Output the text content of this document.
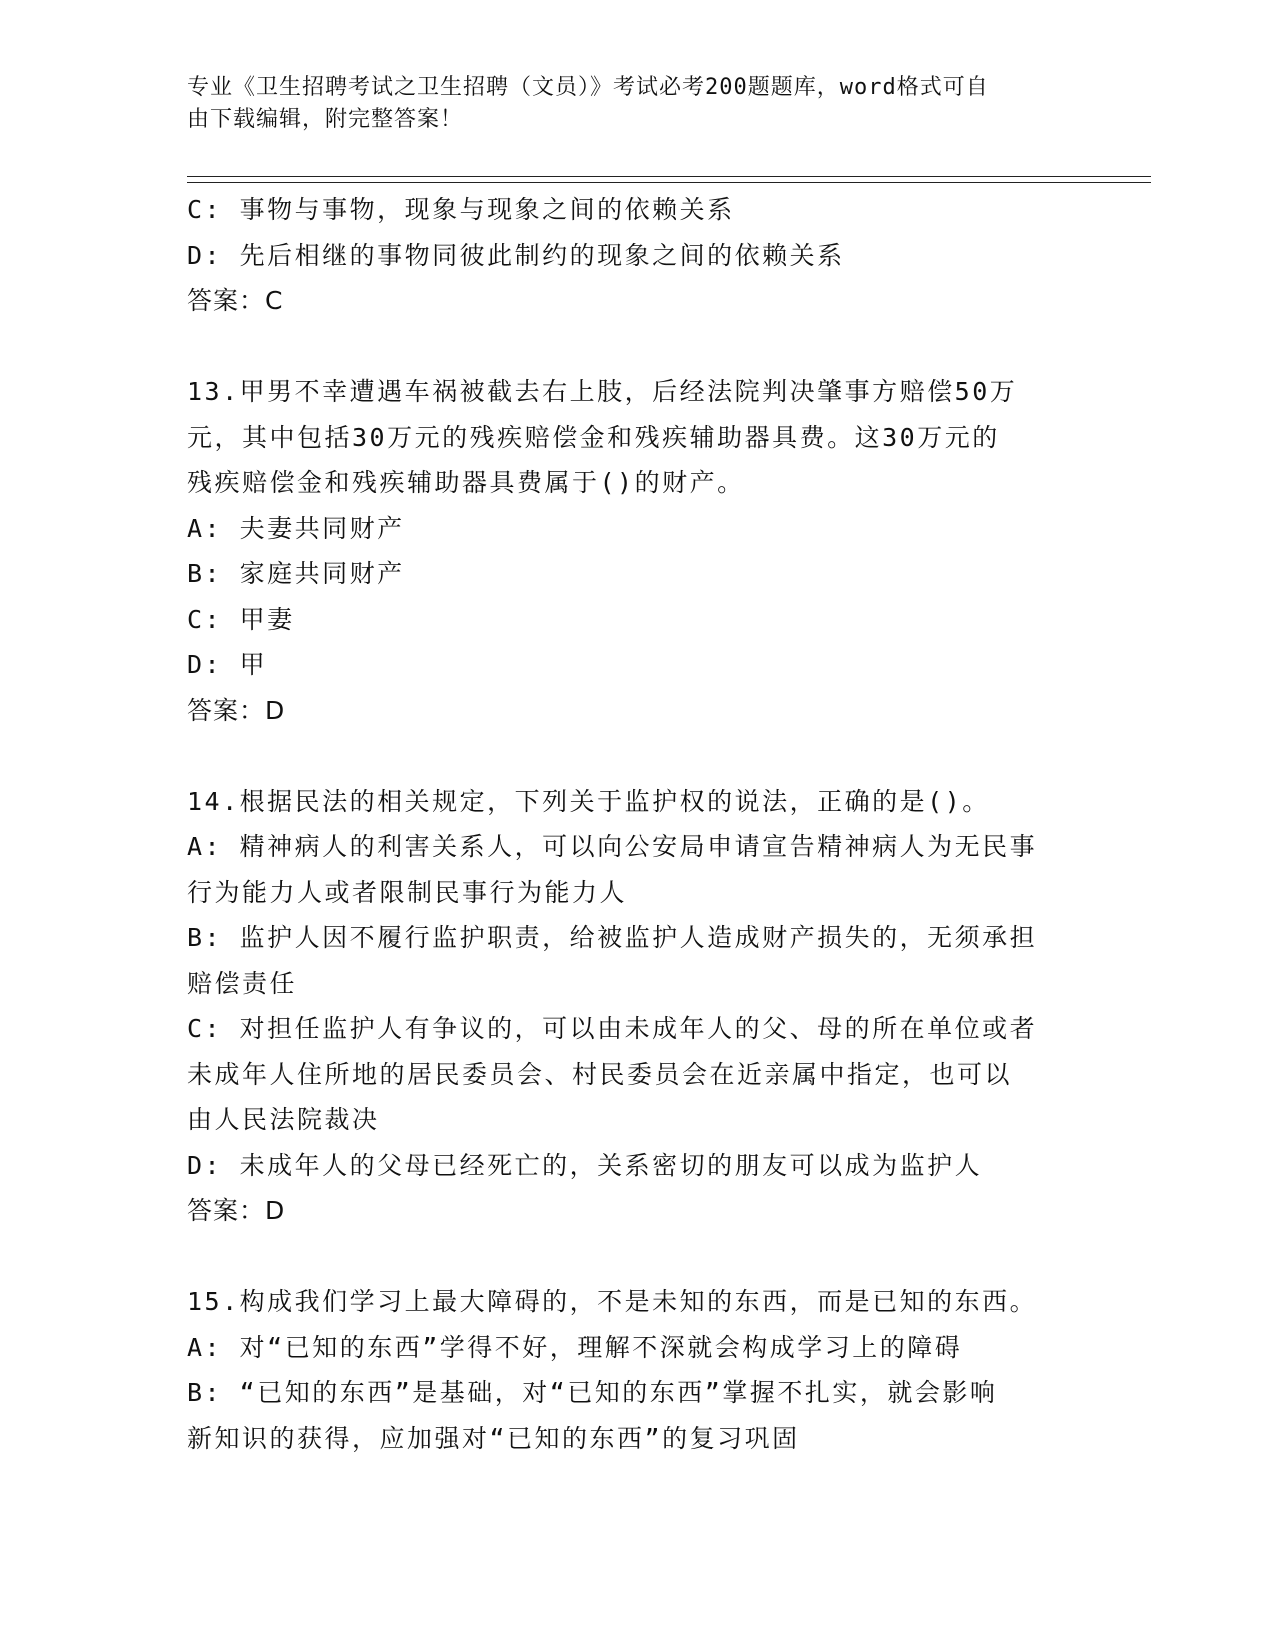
专业《卫生招聘考试之卫生招聘（文员）》考试必考200题题库，word格式可自
由下载编辑，附完整答案！
C: 事物与事物，现象与现象之间的依赖关系
D: 先后相继的事物同彼此制约的现象之间的依赖关系
答案：C
13.甲男不幸遭遇车祸被截去右上肢，后经法院判决肇事方赔偿50万
元，其中包括30万元的残疾赔偿金和残疾辅助器具费。这30万元的
残疾赔偿金和残疾辅助器具费属于()的财产。
A: 夫妻共同财产
B: 家庭共同财产
C: 甲妻
D: 甲
答案：D
14.根据民法的相关规定，下列关于监护权的说法，正确的是()。
A: 精神病人的利害关系人，可以向公安局申请宣告精神病人为无民事
行为能力人或者限制民事行为能力人
B: 监护人因不履行监护职责，给被监护人造成财产损失的，无须承担
赔偿责任
C: 对担任监护人有争议的，可以由未成年人的父、母的所在单位或者
未成年人住所地的居民委员会、村民委员会在近亲属中指定，也可以
由人民法院裁决
D: 未成年人的父母已经死亡的，关系密切的朋友可以成为监护人
答案：D
15.构成我们学习上最大障碍的，不是未知的东西，而是已知的东西。
A: 对“已知的东西”学得不好，理解不深就会构成学习上的障碍
B: “已知的东西”是基础，对“已知的东西”掌握不扎实，就会影响
新知识的获得，应加强对“已知的东西”的复习巩固
